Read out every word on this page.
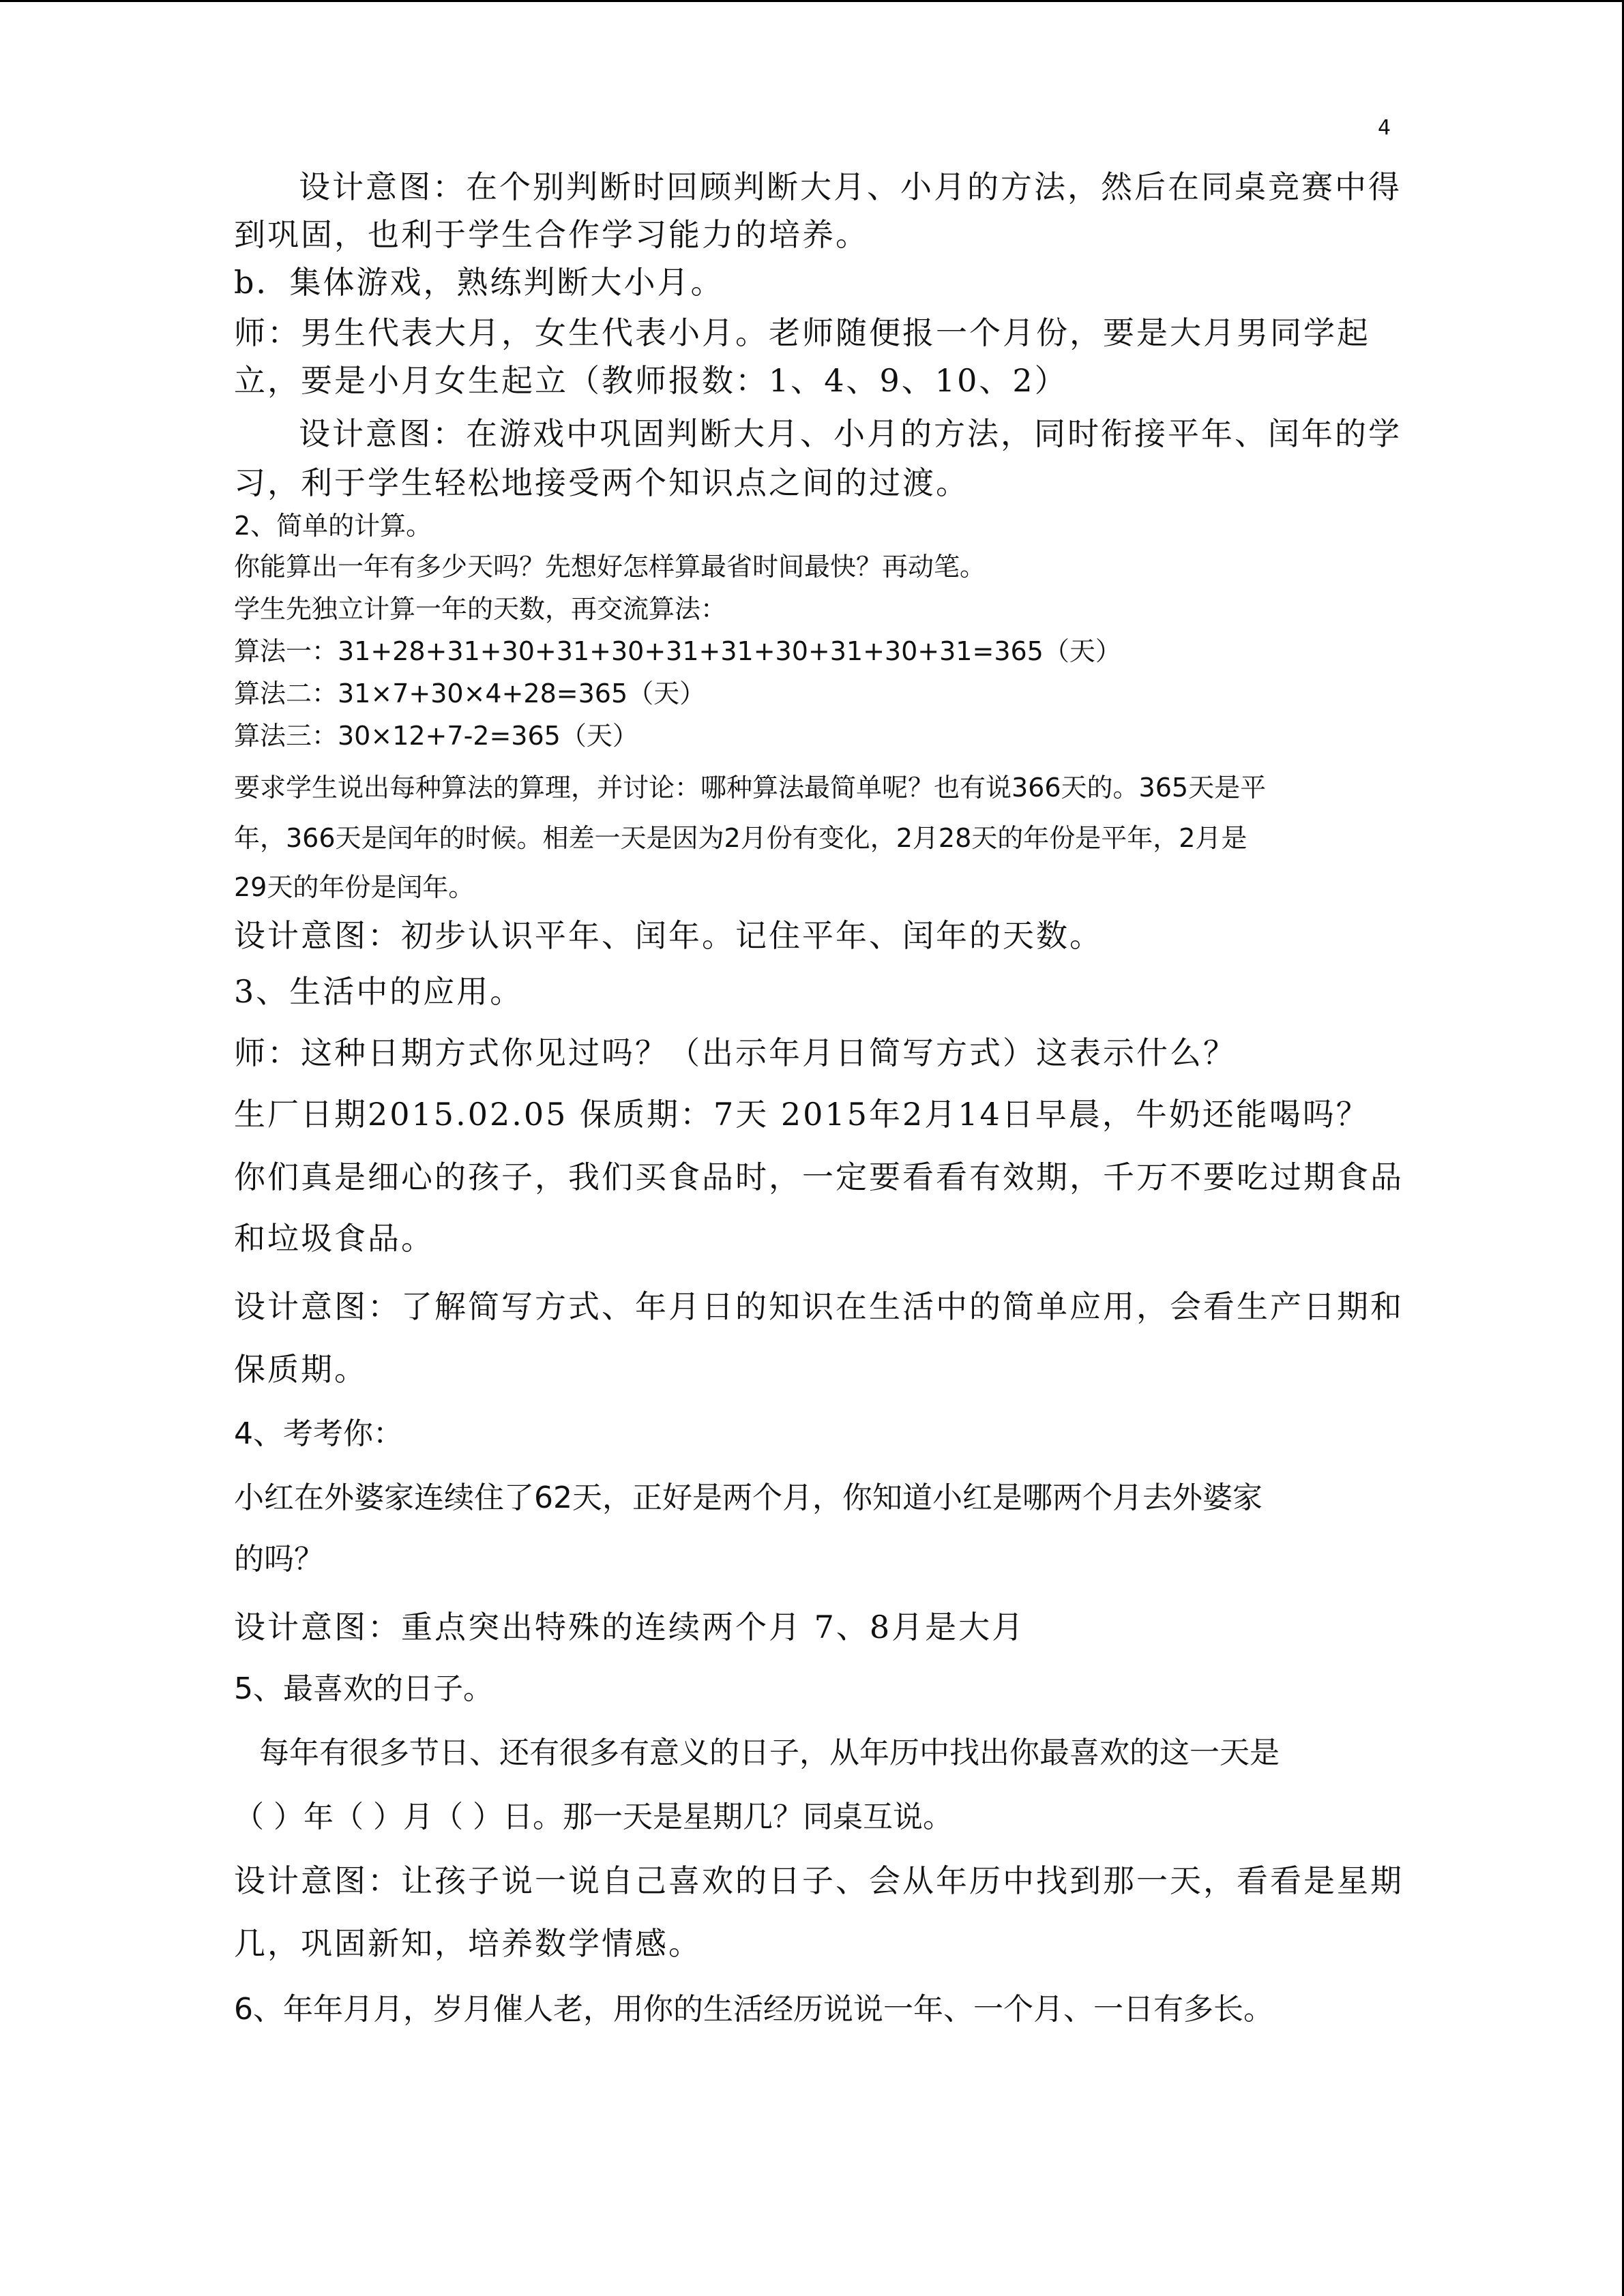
4
设计意图：在个别判断时回顾判断大月、小月的方法，然后在同桌竞赛中得
到巩固，也利于学生合作学习能力的培养。
b．集体游戏，熟练判断大小月。
师：男生代表大月，女生代表小月。老师随便报一个月份，要是大月男同学起
立，要是小月女生起立（教师报数：1、4、9、10、2）
设计意图：在游戏中巩固判断大月、小月的方法，同时衔接平年、闰年的学
习，利于学生轻松地接受两个知识点之间的过渡。
2、简单的计算。
你能算出一年有多少天吗？先想好怎样算最省时间最快？再动笔。
学生先独立计算一年的天数，再交流算法：
算法一：31+28+31+30+31+30+31+31+30+31+30+31=365（天）
算法二：31×7+30×4+28=365（天）
算法三：30×12+7-2=365（天）
要求学生说出每种算法的算理，并讨论：哪种算法最简单呢？也有说366天的。365天是平
年，366天是闰年的时候。相差一天是因为2月份有变化，2月28天的年份是平年，2月是
29天的年份是闰年。
设计意图：初步认识平年、闰年。记住平年、闰年的天数。
3、生活中的应用。
师：这种日期方式你见过吗？（出示年月日简写方式）这表示什么？
生厂日期2015.02.05 保质期：7天 2015年2月14日早晨，牛奶还能喝吗？
你们真是细心的孩子，我们买食品时，一定要看看有效期，千万不要吃过期食品
和垃圾食品。
设计意图：了解简写方式、年月日的知识在生活中的简单应用，会看生产日期和
保质期。
4、考考你：
小红在外婆家连续住了62天，正好是两个月，你知道小红是哪两个月去外婆家
的吗？
设计意图：重点突出特殊的连续两个月 7、8月是大月
5、最喜欢的日子。
每年有很多节日、还有很多有意义的日子，从年历中找出你最喜欢的这一天是
（ ）年（ ）月（ ）日。那一天是星期几？同桌互说。
设计意图：让孩子说一说自己喜欢的日子、会从年历中找到那一天，看看是星期
几，巩固新知，培养数学情感。
6、年年月月，岁月催人老，用你的生活经历说说一年、一个月、一日有多长。
